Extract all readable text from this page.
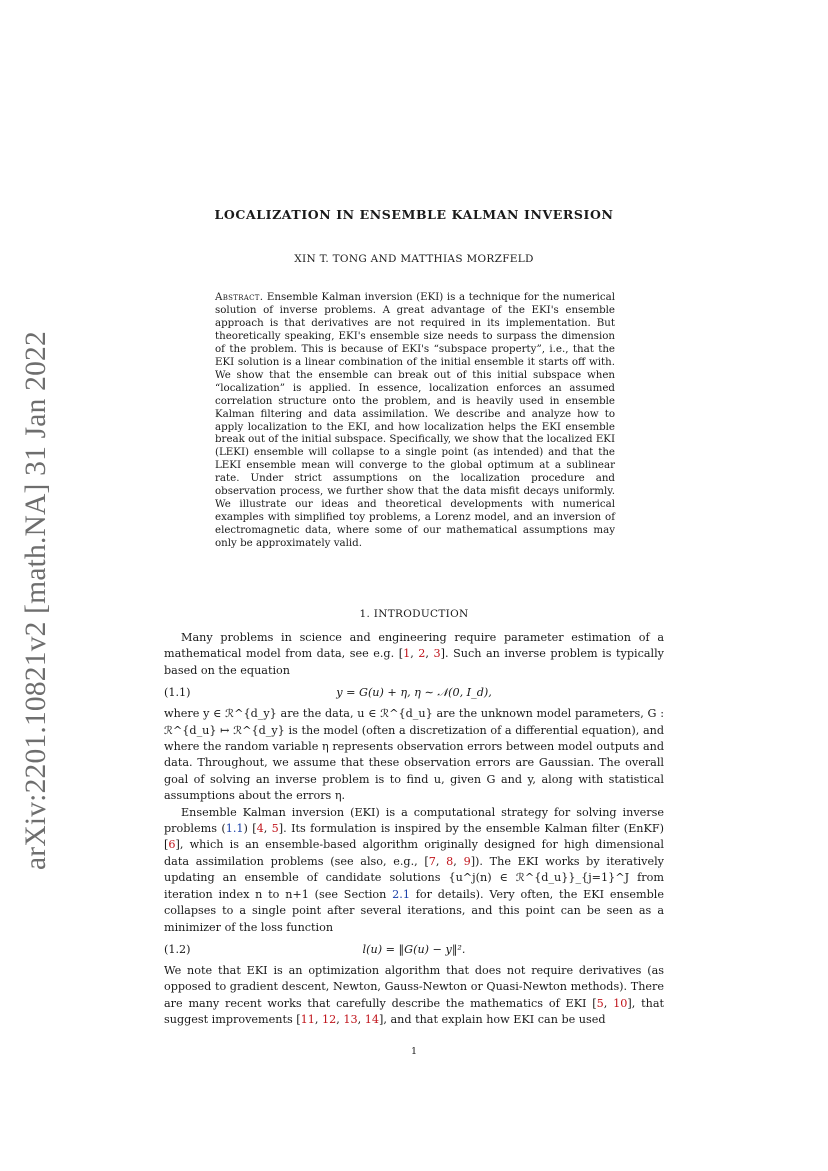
arXiv:2201.10821v2 [math.NA] 31 Jan 2022
LOCALIZATION IN ENSEMBLE KALMAN INVERSION
XIN T. TONG AND MATTHIAS MORZFELD
Abstract. Ensemble Kalman inversion (EKI) is a technique for the numerical solution of inverse problems. A great advantage of the EKI's ensemble approach is that derivatives are not required in its implementation. But theoretically speaking, EKI's ensemble size needs to surpass the dimension of the problem. This is because of EKI's “subspace property”, i.e., that the EKI solution is a linear combination of the initial ensemble it starts off with. We show that the ensemble can break out of this initial subspace when “localization” is applied. In essence, localization enforces an assumed correlation structure onto the problem, and is heavily used in ensemble Kalman filtering and data assimilation. We describe and analyze how to apply localization to the EKI, and how localization helps the EKI ensemble break out of the initial subspace. Specifically, we show that the localized EKI (LEKI) ensemble will collapse to a single point (as intended) and that the LEKI ensemble mean will converge to the global optimum at a sublinear rate. Under strict assumptions on the localization procedure and observation process, we further show that the data misfit decays uniformly. We illustrate our ideas and theoretical developments with numerical examples with simplified toy problems, a Lorenz model, and an inversion of electromagnetic data, where some of our mathematical assumptions may only be approximately valid.
1. INTRODUCTION

Many problems in science and engineering require parameter estimation of a mathematical model from data, see e.g. [1, 2, 3]. Such an inverse problem is typically based on the equation

(1.1)	y = G(u) + η, η ∼ 𝒩(0, I_d),

where y ∈ ℛ^{d_y} are the data, u ∈ ℛ^{d_u} are the unknown model parameters, G : ℛ^{d_u} ↦ ℛ^{d_y} is the model (often a discretization of a differential equation), and where the random variable η represents observation errors between model outputs and data. Throughout, we assume that these observation errors are Gaussian. The overall goal of solving an inverse problem is to find u, given G and y, along with statistical assumptions about the errors η.

Ensemble Kalman inversion (EKI) is a computational strategy for solving inverse problems (1.1) [4, 5]. Its formulation is inspired by the ensemble Kalman filter (EnKF) [6], which is an ensemble-based algorithm originally designed for high dimensional data assimilation problems (see also, e.g., [7, 8, 9]). The EKI works by iteratively updating an ensemble of candidate solutions {u^j(n) ∈ ℛ^{d_u}}_{j=1}^J from iteration index n to n+1 (see Section 2.1 for details). Very often, the EKI ensemble collapses to a single point after several iterations, and this point can be seen as a minimizer of the loss function

(1.2)	l(u) = ‖G(u) − y‖².

We note that EKI is an optimization algorithm that does not require derivatives (as opposed to gradient descent, Newton, Gauss-Newton or Quasi-Newton methods). There are many recent works that carefully describe the mathematics of EKI [5, 10], that suggest improvements [11, 12, 13, 14], and that explain how EKI can be used

1
